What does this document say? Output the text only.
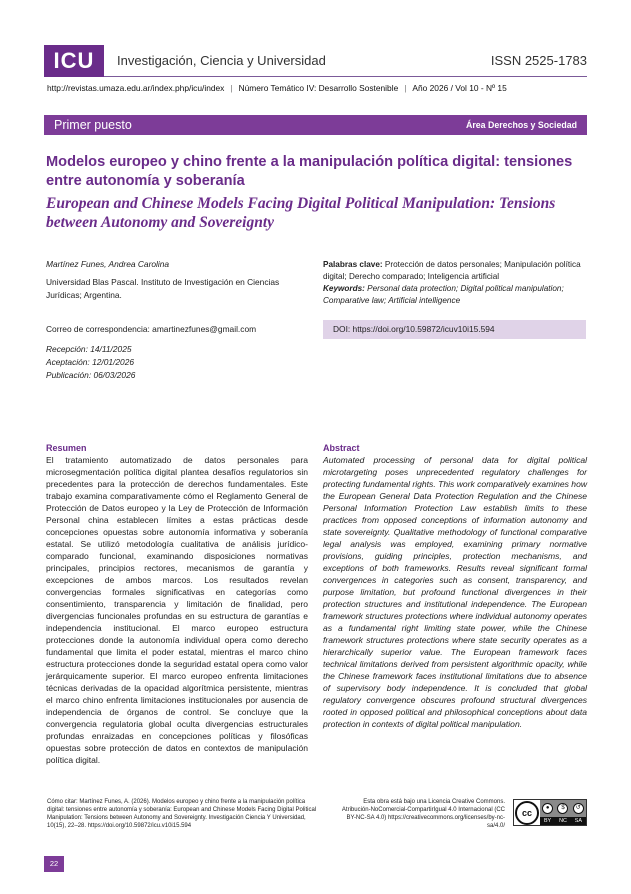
ICU	Investigación, Ciencia y Universidad	ISSN 2525-1783
http://revistas.umaza.edu.ar/index.php/icu/index | Número Temático IV: Desarrollo Sostenible | Año 2026 / Vol 10 - Nº 15
Primer puesto	Área Derechos y Sociedad
Modelos europeo y chino frente a la manipulación política digital: tensiones entre autonomía y soberanía
European and Chinese Models Facing Digital Political Manipulation: Tensions between Autonomy and Sovereignty
Martínez Funes, Andrea Carolina
Universidad Blas Pascal. Instituto de Investigación en Ciencias Jurídicas; Argentina.
Correo de correspondencia: amartinezfunes@gmail.com
Recepción: 14/11/2025
Aceptación: 12/01/2026
Publicación: 06/03/2026
Palabras clave: Protección de datos personales; Manipulación política digital; Derecho comparado; Inteligencia artificial
Keywords: Personal data protection; Digital political manipulation; Comparative law; Artificial intelligence
DOI: https://doi.org/10.59872/icuv10i15.594
Resumen
El tratamiento automatizado de datos personales para microsegmentación política digital plantea desafíos regulatorios sin precedentes para la protección de derechos fundamentales. Este trabajo examina comparativamente cómo el Reglamento General de Protección de Datos europeo y la Ley de Protección de Información Personal china establecen límites a estas prácticas desde concepciones opuestas sobre autonomía informativa y soberanía estatal. Se utilizó metodología cualitativa de análisis jurídico-comparado funcional, examinando disposiciones normativas principales, principios rectores, mecanismos de garantía y excepciones de ambos marcos. Los resultados revelan convergencias formales significativas en categorías como consentimiento, transparencia y limitación de finalidad, pero divergencias funcionales profundas en su estructura de garantías e independencia institucional. El marco europeo estructura protecciones donde la autonomía individual opera como derecho fundamental que limita el poder estatal, mientras el marco chino estructura protecciones donde la seguridad estatal opera como valor jerárquicamente superior. El marco europeo enfrenta limitaciones técnicas derivadas de la opacidad algorítmica persistente, mientras el marco chino enfrenta limitaciones institucionales por ausencia de independencia de órganos de control. Se concluye que la convergencia regulatoria global oculta divergencias estructurales profundas enraizadas en concepciones políticas y filosóficas opuestas sobre protección de datos en contextos de manipulación política digital.
Abstract
Automated processing of personal data for digital political microtargeting poses unprecedented regulatory challenges for protecting fundamental rights. This work comparatively examines how the European General Data Protection Regulation and the Chinese Personal Information Protection Law establish limits to these practices from opposed conceptions of information autonomy and state sovereignty. Qualitative methodology of functional comparative legal analysis was employed, examining primary normative provisions, guiding principles, protection mechanisms, and exceptions of both frameworks. Results reveal significant formal convergences in categories such as consent, transparency, and purpose limitation, but profound functional divergences in their protection structures and institutional independence. The European framework structures protections where individual autonomy operates as a fundamental right limiting state power, while the Chinese framework structures protections where state security operates as a hierarchically superior value. The European framework faces technical limitations derived from persistent algorithmic opacity, while the Chinese framework faces institutional limitations due to absence of supervisory body independence. It is concluded that global regulatory convergence obscures profound structural divergences rooted in opposed political and philosophical conceptions about data protection in contexts of digital political manipulation.
Cómo citar: Martínez Funes, A. (2026). Modelos europeo y chino frente a la manipulación política digital: tensiones entre autonomía y soberanía: European and Chinese Models Facing Digital Political Manipulation: Tensions between Autonomy and Sovereignty. Investigación Ciencia Y Universidad, 10(15), 22–28. https://doi.org/10.59872/icu.v10i15.594
Esta obra está bajo una Licencia Creative Commons. Atribución-NoComercial-CompartirIgual 4.0 Internacional (CC BY-NC-SA 4.0) https://creativecommons.org/licenses/by-nc-sa/4.0/
cc	●	$	↺
BY NC SA
22
